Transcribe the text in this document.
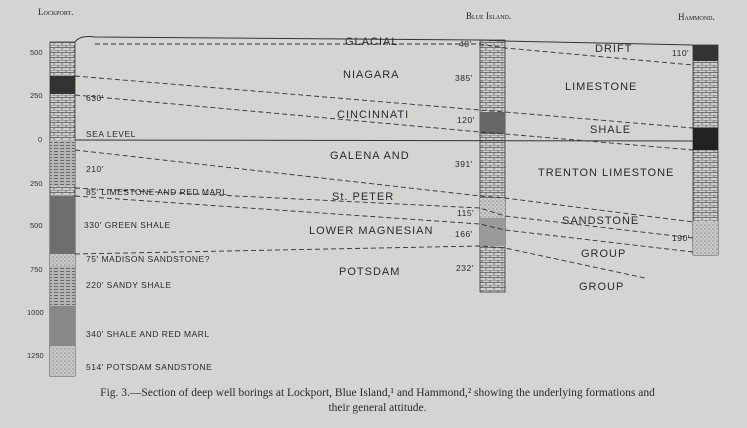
Lockport.	Blue Island.	Hammond.
500
250
0
250
500
750
1000
1250
GLACIAL
DRIFT
NIAGARA
LIMESTONE
CINCINNATI
SHALE
GALENA AND
TRENTON LIMESTONE
St. PETER
SANDSTONE
LOWER MAGNESIAN
GROUP
POTSDAM
GROUP
40'
385'
120'
391'
115'
166'
232'
110'
190'
630'
SEA LEVEL
210'
85' LIMESTONE AND RED MARL
330' GREEN SHALE
75' MADISON SANDSTONE?
220' SANDY SHALE
340' SHALE AND RED MARL
514' POTSDAM SANDSTONE
Fig. 3.—Section of deep well borings at Lockport, Blue Island,¹ and Hammond,² showing the underlying formations and
their general attitude.
